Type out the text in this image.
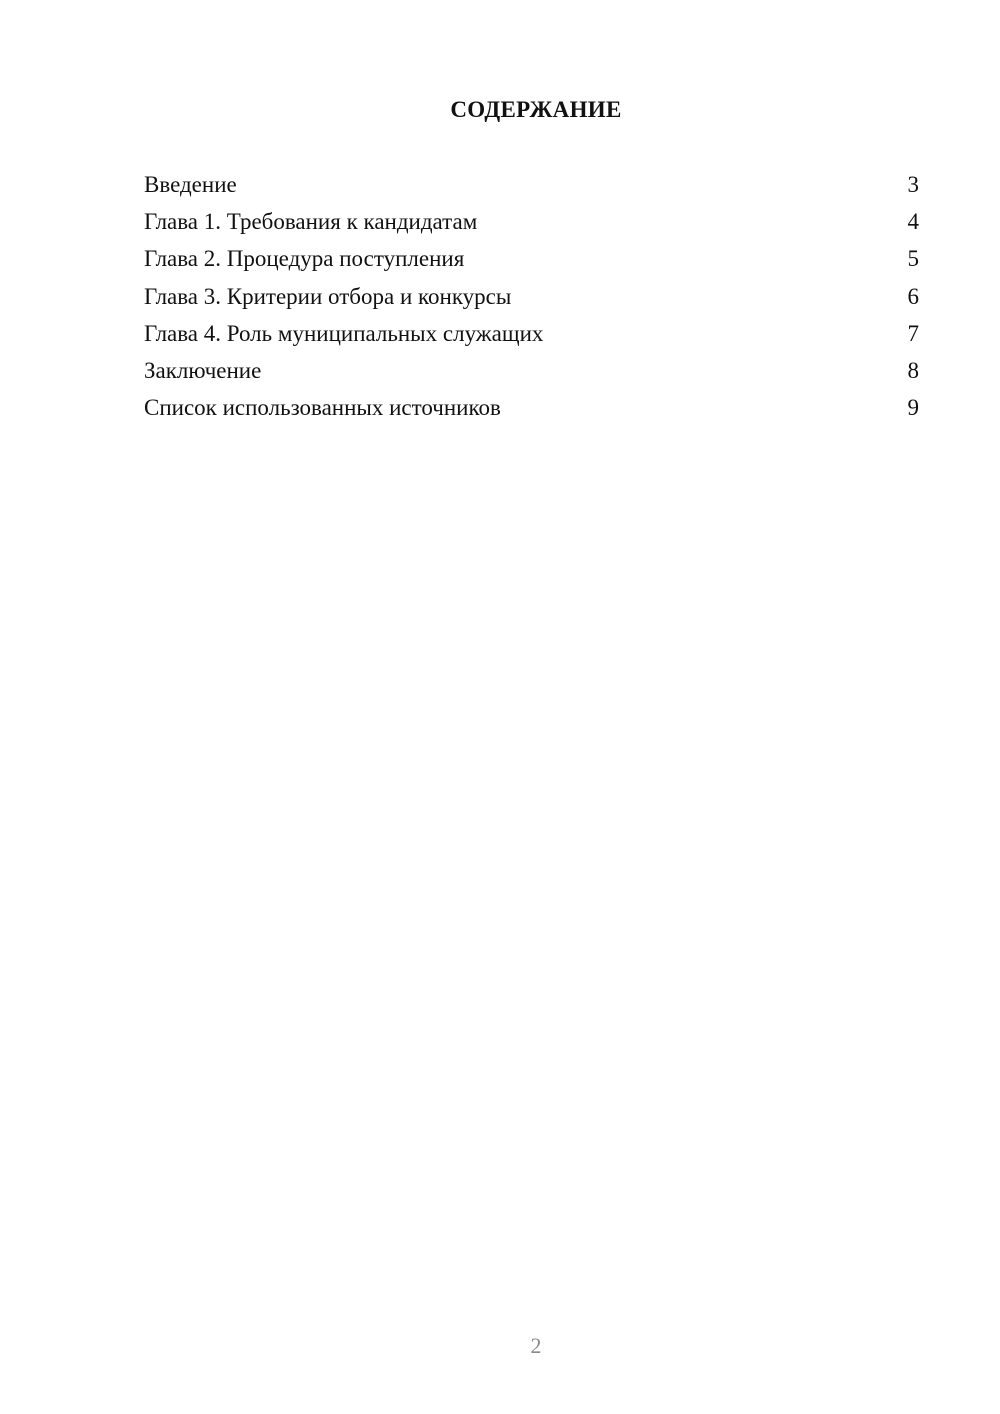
СОДЕРЖАНИЕ
Введение	3
Глава 1. Требования к кандидатам	4
Глава 2. Процедура поступления	5
Глава 3. Критерии отбора и конкурсы	6
Глава 4. Роль муниципальных служащих	7
Заключение	8
Список использованных источников	9
2
